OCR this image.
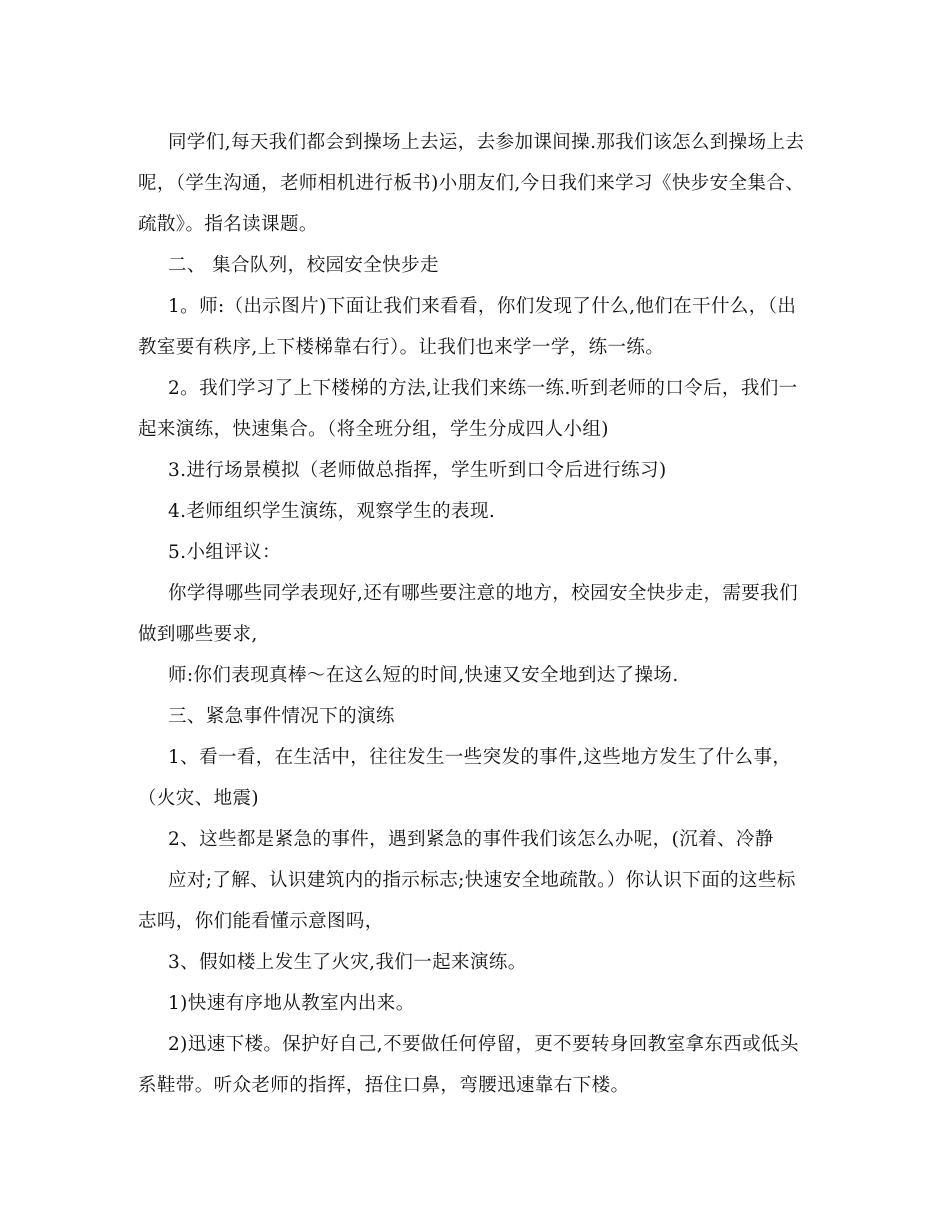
同学们,每天我们都会到操场上去运，去参加课间操.那我们该怎么到操场上去
呢，（学生沟通，老师相机进行板书)小朋友们,今日我们来学习《快步安全集合、
疏散》。指名读课题。
二、 集合队列，校园安全快步走
1。师:（出示图片)下面让我们来看看，你们发现了什么,他们在干什么，（出
教室要有秩序,上下楼梯靠右行）。让我们也来学一学，练一练。
2。我们学习了上下楼梯的方法,让我们来练一练.听到老师的口令后，我们一
起来演练，快速集合。（将全班分组，学生分成四人小组)
3.进行场景模拟（老师做总指挥，学生听到口令后进行练习)
4.老师组织学生演练，观察学生的表现.
5.小组评议：
你学得哪些同学表现好,还有哪些要注意的地方，校园安全快步走，需要我们
做到哪些要求,
师:你们表现真棒～在这么短的时间,快速又安全地到达了操场.
三、紧急事件情况下的演练
1、看一看，在生活中，往往发生一些突发的事件,这些地方发生了什么事，
（火灾、地震)
2、这些都是紧急的事件，遇到紧急的事件我们该怎么办呢，(沉着、冷静
应对;了解、认识建筑内的指示标志;快速安全地疏散。）你认识下面的这些标
志吗，你们能看懂示意图吗，
3、假如楼上发生了火灾,我们一起来演练。
1)快速有序地从教室内出来。
2)迅速下楼。保护好自己,不要做任何停留，更不要转身回教室拿东西或低头
系鞋带。听众老师的指挥，捂住口鼻，弯腰迅速靠右下楼。
